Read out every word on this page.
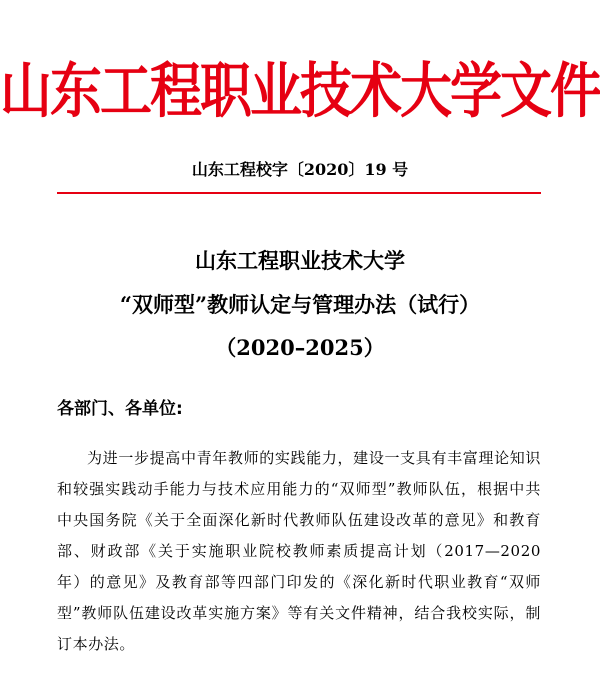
山东工程职业技术大学文件
山东工程校字〔2020〕19 号
山东工程职业技术大学
“双师型”教师认定与管理办法（试行）
（2020–2025）
各部门、各单位:

为进一步提高中青年教师的实践能力，建设一支具有丰富理论知识和较强实践动手能力与技术应用能力的“双师型”教师队伍，根据中共中央国务院《关于全面深化新时代教师队伍建设改革的意见》和教育部、财政部《关于实施职业院校教师素质提高计划（2017—2020 年）的意见》及教育部等四部门印发的《深化新时代职业教育“双师型”教师队伍建设改革实施方案》等有关文件精神，结合我校实际，制订本办法。
